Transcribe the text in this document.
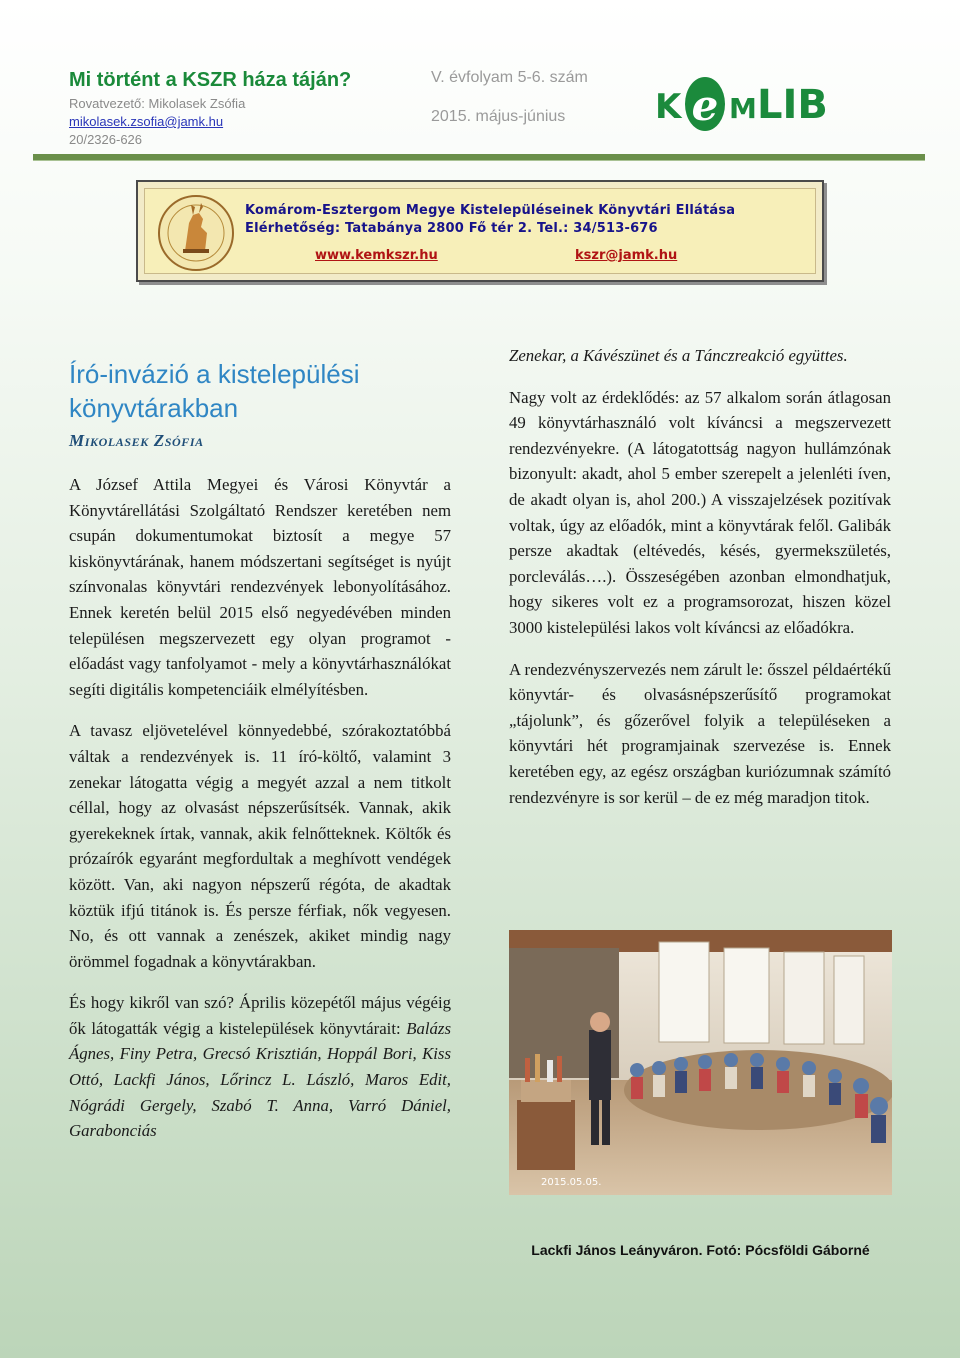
Mi történt a KSZR háza táján?
Rovatvezető: Mikolasek Zsófia
mikolasek.zsofia@jamk.hu
20/2326-626
V. évfolyam 5-6. szám
2015. május-június	K e M LIB
Komárom-Esztergom Megye Kistelepüléseinek Könyvtári Ellátása
Elérhetőség: Tatabánya 2800 Fő tér 2. Tel.: 34/513-676
www.kemkszr.hu	kszr@jamk.hu
Író-invázió a kistelepülési könyvtárakban
Mikolasek Zsófia

A József Attila Megyei és Városi Könyvtár a Könyvtárellátási Szolgáltató Rendszer keretében nem csupán dokumentumokat biztosít a megye 57 kiskönyvtárának, hanem módszertani segítséget is nyújt színvonalas könyvtári rendezvények lebonyolításához. Ennek keretén belül 2015 első negyedévében minden településen megszervezett egy olyan programot - előadást vagy tanfolyamot - mely a könyvtárhasználókat segíti digitális kompetenciáik elmélyítésben.

A tavasz eljövetelével könnyedebbé, szórakoztatóbbá váltak a rendezvények is. 11 író-költő, valamint 3 zenekar látogatta végig a megyét azzal a nem titkolt céllal, hogy az olvasást népszerűsítsék. Vannak, akik gyerekeknek írtak, vannak, akik felnőtteknek. Költők és prózaírók egyaránt megfordultak a meghívott vendégek között. Van, aki nagyon népszerű régóta, de akadtak köztük ifjú titánok is. És persze férfiak, nők vegyesen. No, és ott vannak a zenészek, akiket mindig nagy örömmel fogadnak a könyvtárakban.

És hogy kikről van szó? Április közepétől május végéig ők látogatták végig a kistelepülések könyvtárait: Balázs Ágnes, Finy Petra, Grecsó Krisztián, Hoppál Bori, Kiss Ottó, Lackfi János, Lőrincz L. László, Maros Edit, Nógrádi Gergely, Szabó T. Anna, Varró Dániel, Garabonciás

Zenekar, a Kávészünet és a Tánczreakció együttes.

Nagy volt az érdeklődés: az 57 alkalom során átlagosan 49 könyvtárhasználó volt kíváncsi a megszervezett rendezvényekre. (A látogatottság nagyon hullámzónak bizonyult: akadt, ahol 5 ember szerepelt a jelenléti íven, de akadt olyan is, ahol 200.) A visszajelzések pozitívak voltak, úgy az előadók, mint a könyvtárak felől. Galibák persze akadtak (eltévedés, késés, gyermekszületés, porcleválás….). Összeségében azonban elmondhatjuk, hogy sikeres volt ez a programsorozat, hiszen közel 3000 kistelepülési lakos volt kíváncsi az előadókra.

A rendezvényszervezés nem zárult le: ősszel példaértékű könyvtár- és olvasásnépszerűsítő programokat „tájolunk”, és gőzerővel folyik a településeken a könyvtári hét programjainak szervezése is. Ennek keretében egy, az egész országban kuriózumnak számító rendezvényre is sor kerül – de ez még maradjon titok.

2015.05.05.
Lackfi János Leányváron. Fotó: Pócsföldi Gáborné
